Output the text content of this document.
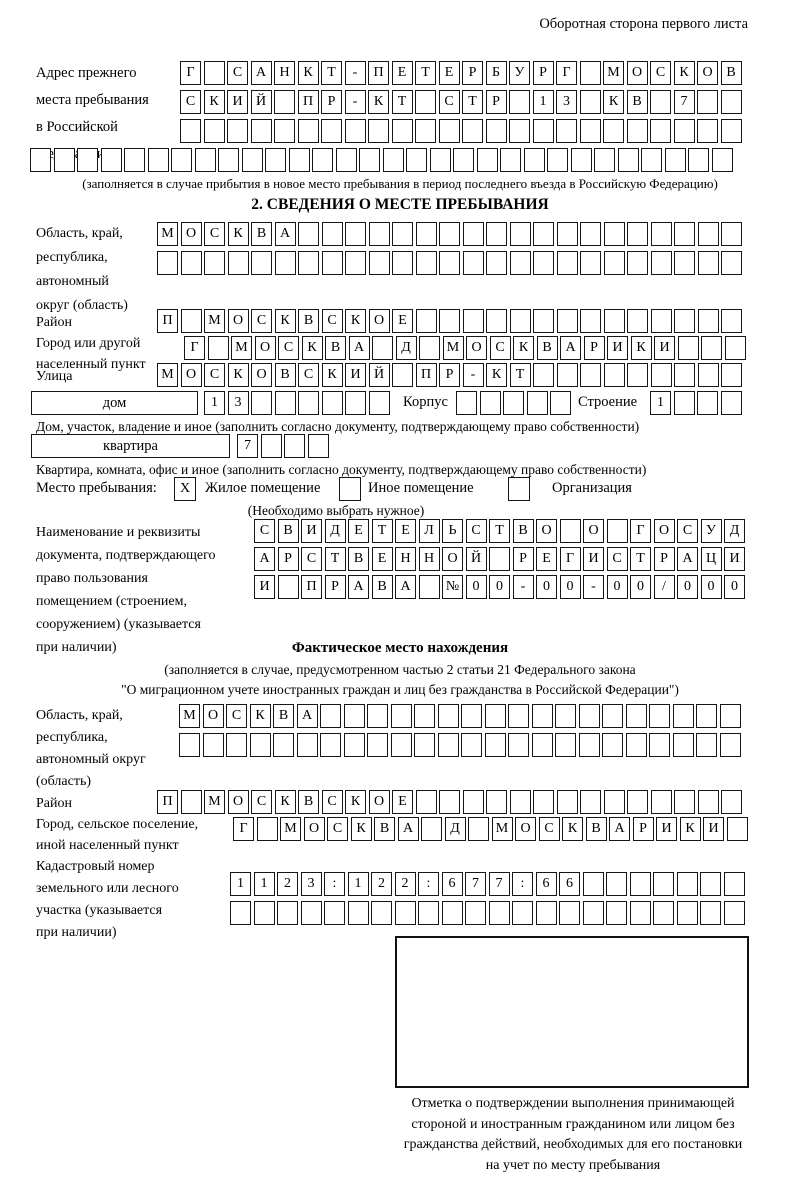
Оборотная сторона первого листа
Адрес прежнего
места пребывания
в Российской
Г	С А Н К	Т	-	П	Е	Т	Е	Р	Б	У	Р	Г	М О С	К О В
С	К И Й	П	Р	-	К	Т	С	Т	Р	1	3	К	В	7
(заполняется в случае прибытия в новое место пребывания в период последнего въезда в Российскую Федерацию)
2. СВЕДЕНИЯ О МЕСТЕ ПРЕБЫВАНИЯ
Область, край,
республика,
автономный
округ (область)
М О С	К	В А
Район	П	М О С	К	В	С	К О	Е
Город или другой
населенный пункт
Г	М О С	К	В А	Д	М О С	К	В А	Р	И К И
Улица	М О С	К О В	С	К И Й	П	Р	-	К	Т
дом	1	3	Корпус	Строение	1
Дом, участок, владение и иное (заполнить согласно документу, подтверждающему право собственности)
квартира	7
Квартира, комната, офис и иное (заполнить согласно документу, подтверждающему право собственности)
Место пребывания:	X	Жилое помещение	Иное помещение	Организация
(Необходимо выбрать нужное)
Наименование и реквизиты
документа, подтверждающего
право пользования
помещением (строением,
сооружением) (указывается
при наличии)
С	В И Д	Е	Т	Е	Л	Ь	С	Т	В О	О	Г	О С У Д
А	Р	С	Т	В	Е	Н Н О Й	Р	Е	Г	И С	Т	Р	А Ц И
И	П	Р	А В А	№ 0	0	-	0	0	-	0	0	/	0	0	0
Фактическое место нахождения
(заполняется в случае, предусмотренном частью 2 статьи 21 Федерального закона
"О миграционном учете иностранных граждан и лиц без гражданства в Российской Федерации")
Область, край,
республика,
автономный округ
(область)
М О С	К	В А
Район	П	М О С	К	В	С	К О	Е
Город, сельское поселение,
иной населенный пункт
Г	М О С	К	В А	Д	М О С	К	В А	Р	И К И
Кадастровый номер
земельного или лесного
участка (указывается
при наличии)
1	1	2	3	:	1	2	2	:	6	7	7	:	6	6
Отметка о подтверждении выполнения принимающей
стороной и иностранным гражданином или лицом без
гражданства действий, необходимых для его постановки
на учет по месту пребывания
